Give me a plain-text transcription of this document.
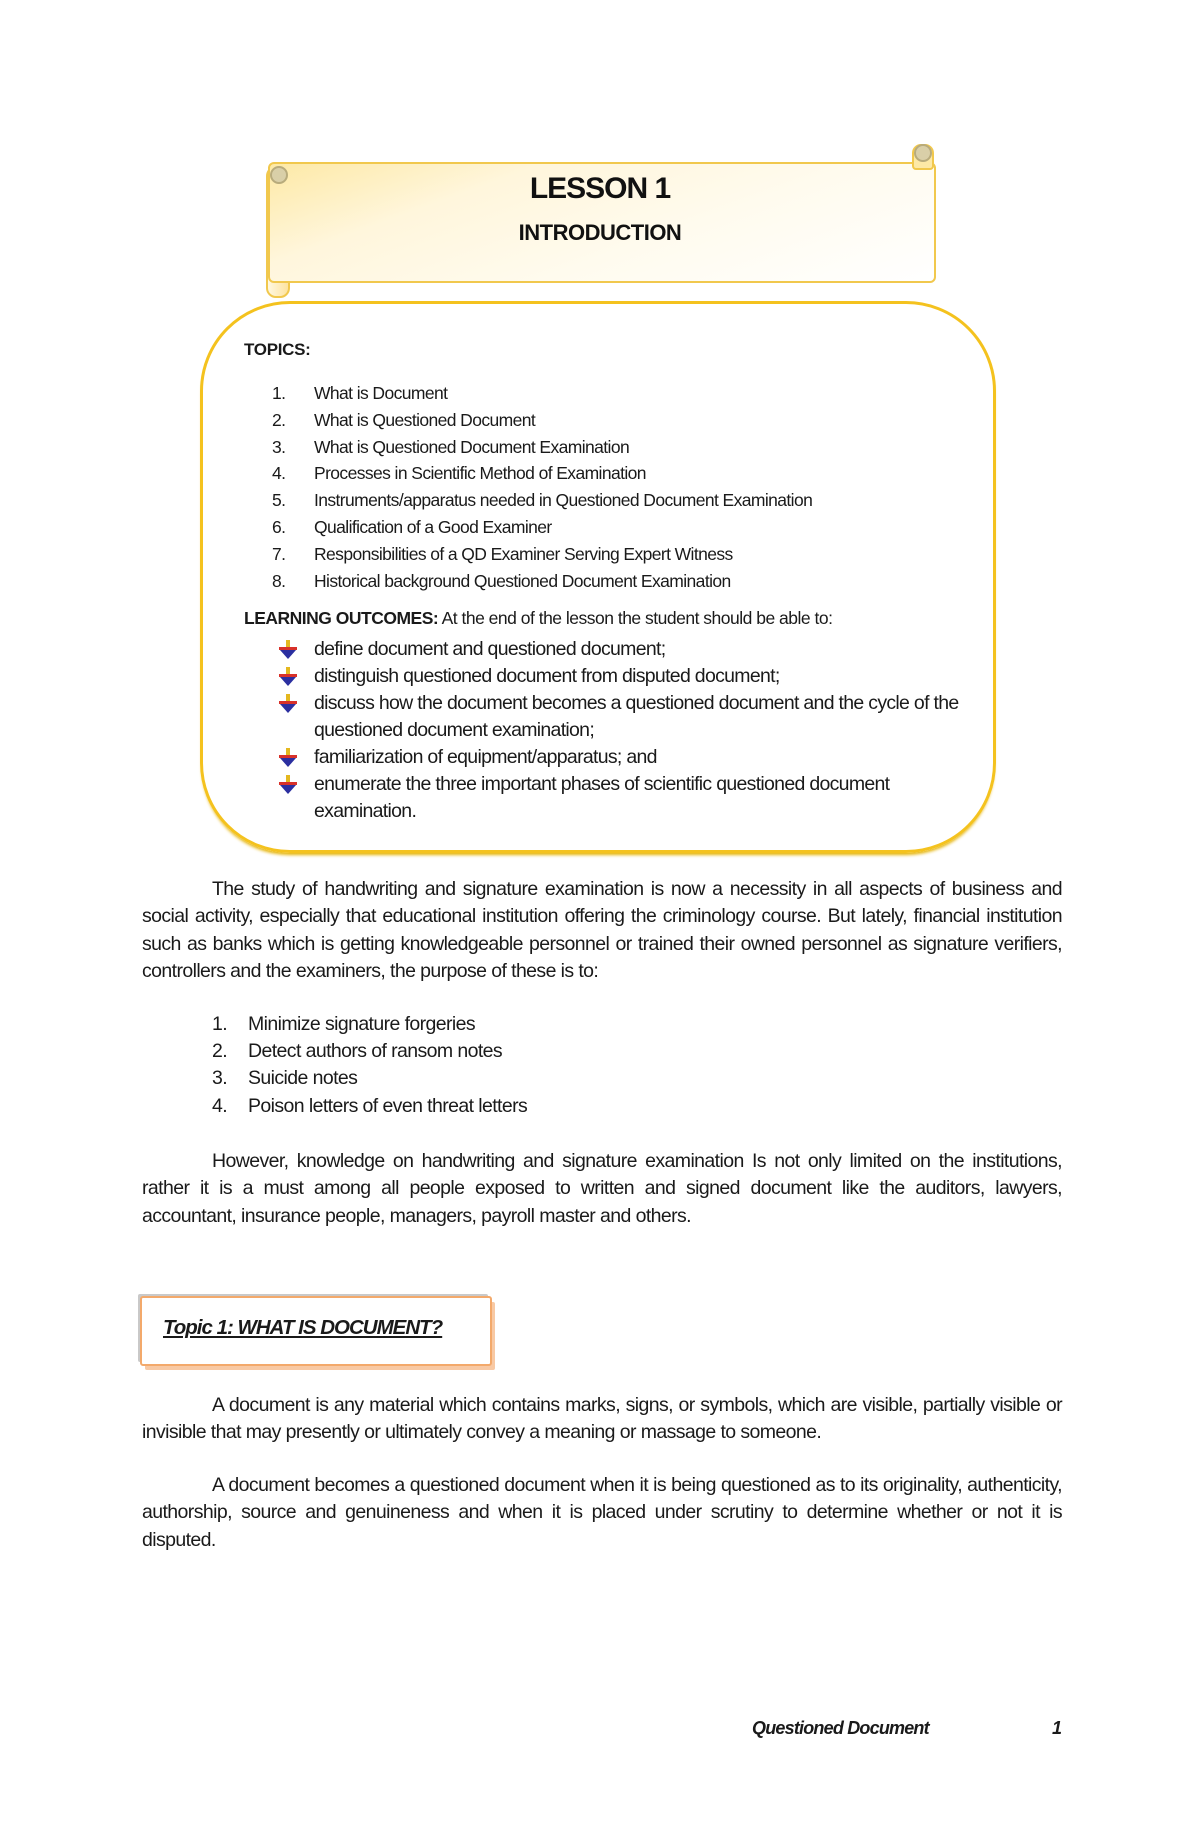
LESSON 1
INTRODUCTION
TOPICS:
1.	What is Document
2.	What is Questioned Document
3.	What is Questioned Document Examination
4.	Processes in Scientific Method of Examination
5.	Instruments/apparatus needed in Questioned Document Examination
6.	Qualification of a Good Examiner
7.	Responsibilities of a QD Examiner Serving Expert Witness
8.	Historical background Questioned Document Examination
LEARNING OUTCOMES: At the end of the lesson the student should be able to:
define document and questioned document;
distinguish questioned document from disputed document;
discuss how the document becomes a questioned document and the cycle of the questioned document examination;
familiarization of equipment/apparatus; and
enumerate the three important phases of scientific questioned document examination.

The study of handwriting and signature examination is now a necessity in all aspects of business and social activity, especially that educational institution offering the criminology course. But lately, financial institution such as banks which is getting knowledgeable personnel or trained their owned personnel as signature verifiers, controllers and the examiners, the purpose of these is to:

1.	Minimize signature forgeries
2.	Detect authors of ransom notes
3.	Suicide notes
4.	Poison letters of even threat letters

However, knowledge on handwriting and signature examination Is not only limited on the institutions, rather it is a must among all people exposed to written and signed document like the auditors, lawyers, accountant, insurance people, managers, payroll master and others.

Topic 1: WHAT IS DOCUMENT?

A document is any material which contains marks, signs, or symbols, which are visible, partially visible or invisible that may presently or ultimately convey a meaning or massage to someone.

A document becomes a questioned document when it is being questioned as to its originality, authenticity, authorship, source and genuineness and when it is placed under scrutiny to determine whether or not it is disputed.

Questioned Document	1
